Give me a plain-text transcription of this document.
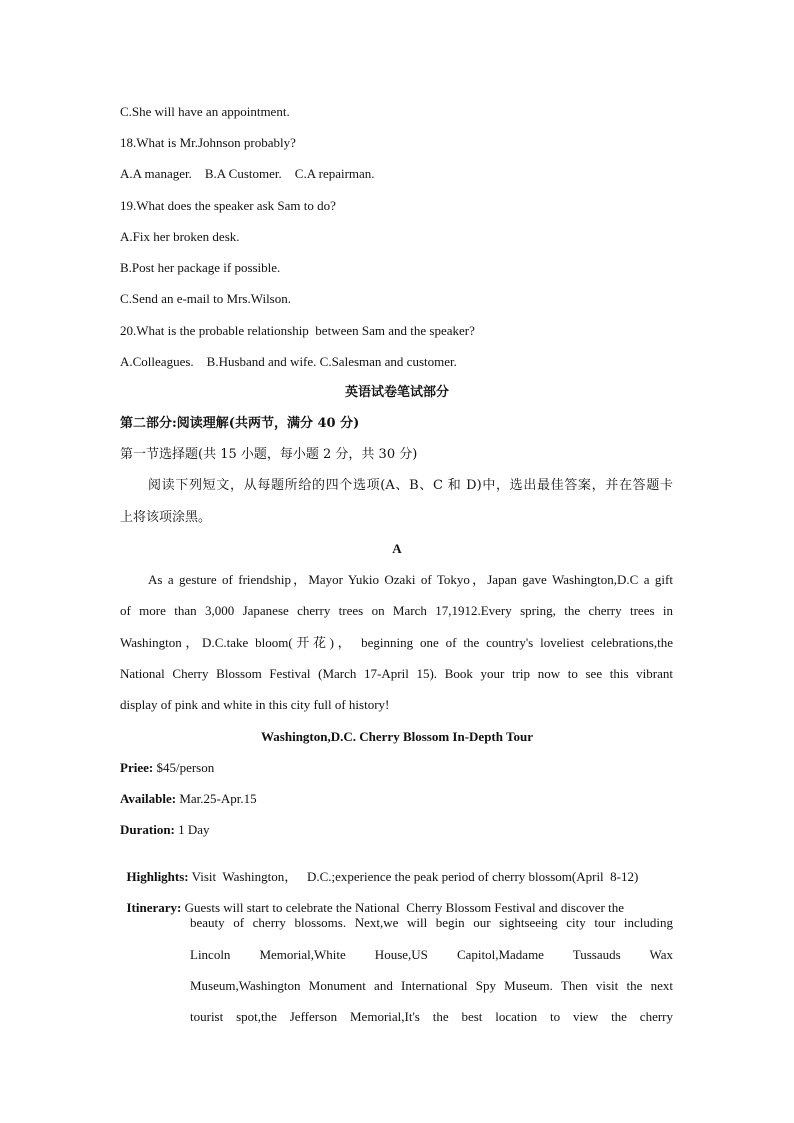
C.She will have an appointment.
18.What is Mr.Johnson probably?
A.A manager.    B.A Customer.    C.A repairman.
19.What does the speaker ask Sam to do?
A.Fix her broken desk.
B.Post her package if possible.
C.Send an e-mail to Mrs.Wilson.
20.What is the probable relationship  between Sam and the speaker?
A.Colleagues.    B.Husband and wife. C.Salesman and customer.
英语试卷笔试部分
第二部分:阅读理解(共两节，满分 40 分)
第一节选择题(共 15 小题，每小题 2 分，共 30 分)
阅读下列短文，从每题所给的四个选项(A、B、C 和 D)中，选出最佳答案，并在答题卡
上将该项涂黑。
A
As a gesture of friendship，Mayor Yukio Ozaki of Tokyo，Japan gave Washington,D.C a gift
of more than 3,000 Japanese cherry trees on March 17,1912.Every spring, the cherry trees in
Washington，D.C.take bloom(开花)， beginning one of the country's loveliest celebrations,the
National Cherry Blossom Festival (March 17-April 15). Book your trip now to see this vibrant
display of pink and white in this city full of history!
Washington,D.C. Cherry Blossom In-Depth Tour
Priee: $45/person
Available: Mar.25-Apr.15
Duration: 1 Day

Highlights: Visit  Washington，   D.C.;experience the peak period of cherry blossom(April  8-12)

Itinerary: Guests will start to celebrate the National  Cherry Blossom Festival and discover the

beauty of cherry blossoms. Next,we will begin our sightseeing city tour including
Lincoln Memorial,White House,US Capitol,Madame Tussauds Wax
Museum,Washington Monument and International Spy Museum. Then visit the next
tourist spot,the Jefferson Memorial,It's the best location to view the cherry
